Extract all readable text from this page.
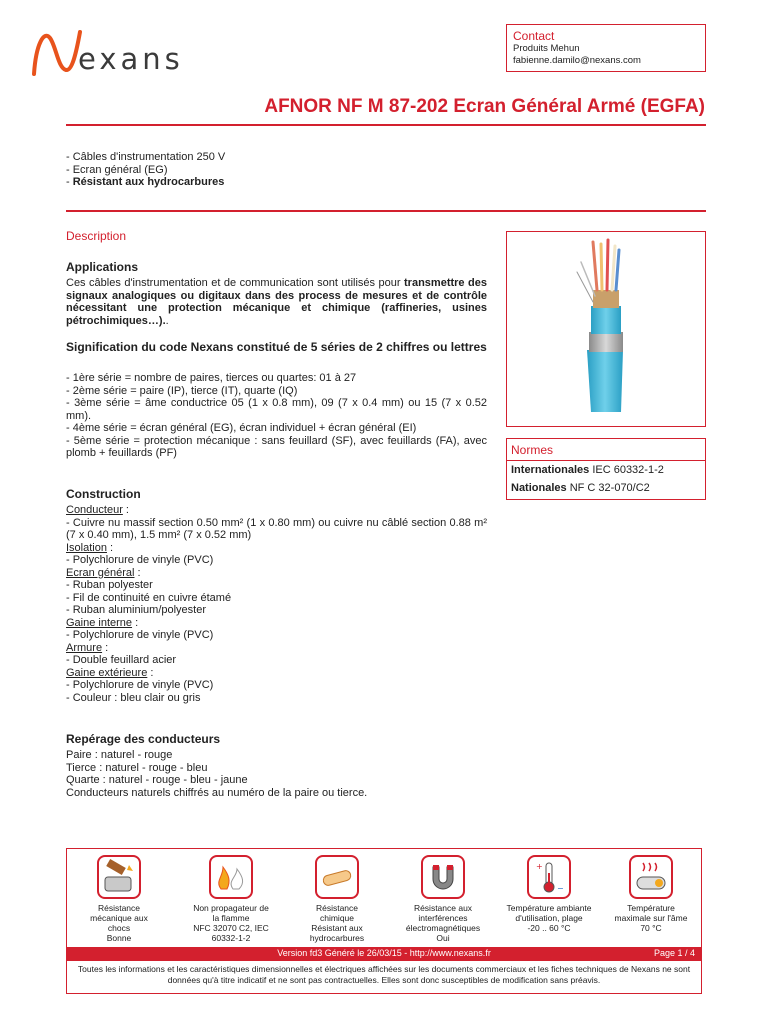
exans
Contact
Produits Mehun
fabienne.damilo@nexans.com
AFNOR NF M 87-202 Ecran Général Armé (EGFA)
- Câbles d'instrumentation 250 V
- Ecran général (EG)
- Résistant aux hydrocarbures
Description
Applications
Ces câbles d'instrumentation et de communication sont utilisés pour transmettre des signaux analogiques ou digitaux dans des process de mesures et de contrôle nécessitant une protection mécanique et chimique (raffineries, usines pétrochimiques…)..
Signification du code Nexans constitué de 5 séries de 2 chiffres ou lettres
- 1ère série = nombre de paires, tierces ou quartes: 01 à 27
- 2ème série = paire (IP), tierce (IT), quarte (IQ)
- 3ème série = âme conductrice 05 (1 x 0.8 mm), 09 (7 x 0.4 mm) ou 15 (7 x 0.52 mm).
- 4ème série = écran général (EG), écran individuel + écran général (EI)
- 5ème série = protection mécanique : sans feuillard (SF), avec feuillards (FA), avec plomb + feuillards (PF)
Construction
Conducteur :
- Cuivre nu massif section 0.50 mm² (1 x 0.80 mm) ou cuivre nu câblé section 0.88 m² (7 x 0.40 mm), 1.5 mm² (7 x 0.52 mm)
Isolation :
- Polychlorure de vinyle (PVC)
Ecran général :
- Ruban polyester
- Fil de continuité en cuivre étamé
- Ruban aluminium/polyester
Gaine interne :
- Polychlorure de vinyle (PVC)
Armure :
- Double feuillard acier
Gaine extérieure :
- Polychlorure de vinyle (PVC)
- Couleur : bleu clair ou gris
Repérage des conducteurs
Paire : naturel - rouge
Tierce : naturel - rouge - bleu
Quarte : naturel - rouge - bleu - jaune
Conducteurs naturels chiffrés au numéro de la paire ou tierce.
Normes
Internationales IEC 60332-1-2
Nationales NF C 32-070/C2
Résistance
mécanique aux
chocs
Bonne
Non propagateur de
la flamme
NFC 32070 C2, IEC
60332-1-2
Résistance
chimique
Résistant aux
hydrocarbures
Résistance aux
interférences
électromagnétiques
Oui
+
−
Température ambiante
d'utilisation, plage
-20 .. 60 °C
Température
maximale sur l'âme
70 °C
Version fd3 Généré le 26/03/15 - http://www.nexans.fr	Page 1 / 4
Toutes les informations et les caractéristiques dimensionnelles et électriques affichées sur les documents commerciaux et les fiches techniques de Nexans ne sont données qu'à titre indicatif et ne sont pas contractuelles. Elles sont donc susceptibles de modification sans préavis.
